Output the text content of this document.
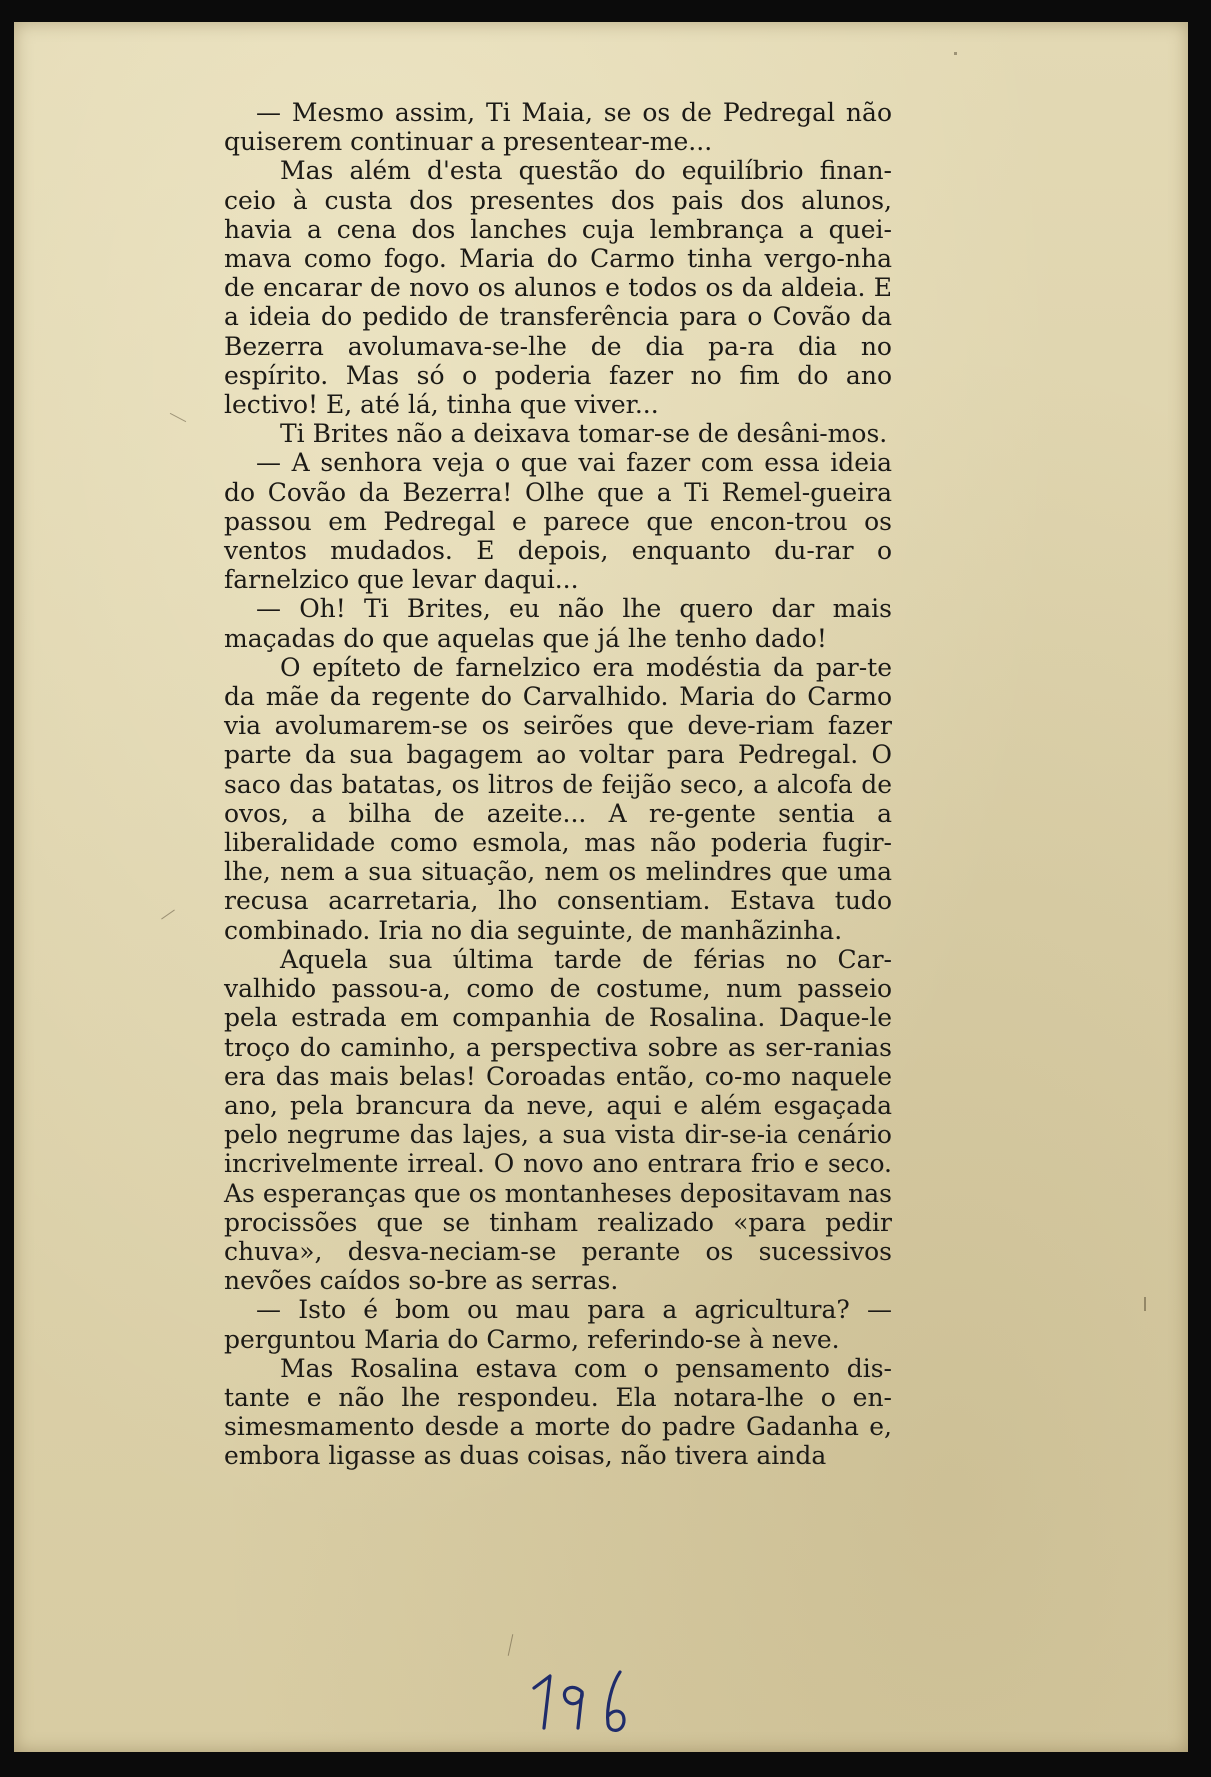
— Mesmo assim, Ti Maia, se os de Pedregal não quiserem continuar a presentear-me...

Mas além d'esta questão do equilíbrio finan-ceio à custa dos presentes dos pais dos alunos, havia a cena dos lanches cuja lembrança a quei-mava como fogo. Maria do Carmo tinha vergo-nha de encarar de novo os alunos e todos os da aldeia. E a ideia do pedido de transferência para o Covão da Bezerra avolumava-se-lhe de dia pa-ra dia no espírito. Mas só o poderia fazer no fim do ano lectivo! E, até lá, tinha que viver...

Ti Brites não a deixava tomar-se de desâni-mos.

— A senhora veja o que vai fazer com essa ideia do Covão da Bezerra! Olhe que a Ti Remel-gueira passou em Pedregal e parece que encon-trou os ventos mudados. E depois, enquanto du-rar o farnelzico que levar daqui...

— Oh! Ti Brites, eu não lhe quero dar mais maçadas do que aquelas que já lhe tenho dado!

O epíteto de farnelzico era modéstia da par-te da mãe da regente do Carvalhido. Maria do Carmo via avolumarem-se os seirões que deve-riam fazer parte da sua bagagem ao voltar para Pedregal. O saco das batatas, os litros de feijão seco, a alcofa de ovos, a bilha de azeite... A re-gente sentia a liberalidade como esmola, mas não poderia fugir-lhe, nem a sua situação, nem os melindres que uma recusa acarretaria, lho consentiam. Estava tudo combinado. Iria no dia seguinte, de manhãzinha.

Aquela sua última tarde de férias no Car-valhido passou-a, como de costume, num passeio pela estrada em companhia de Rosalina. Daque-le troço do caminho, a perspectiva sobre as ser-ranias era das mais belas! Coroadas então, co-mo naquele ano, pela brancura da neve, aqui e além esgaçada pelo negrume das lajes, a sua vista dir-se-ia cenário incrivelmente irreal. O novo ano entrara frio e seco. As esperanças que os montanheses depositavam nas procissões que se tinham realizado «para pedir chuva», desva-neciam-se perante os sucessivos nevões caídos so-bre as serras.

— Isto é bom ou mau para a agricultura? — perguntou Maria do Carmo, referindo-se à neve.

Mas Rosalina estava com o pensamento dis-tante e não lhe respondeu. Ela notara-lhe o en-simesmamento desde a morte do padre Gadanha e, embora ligasse as duas coisas, não tivera ainda
